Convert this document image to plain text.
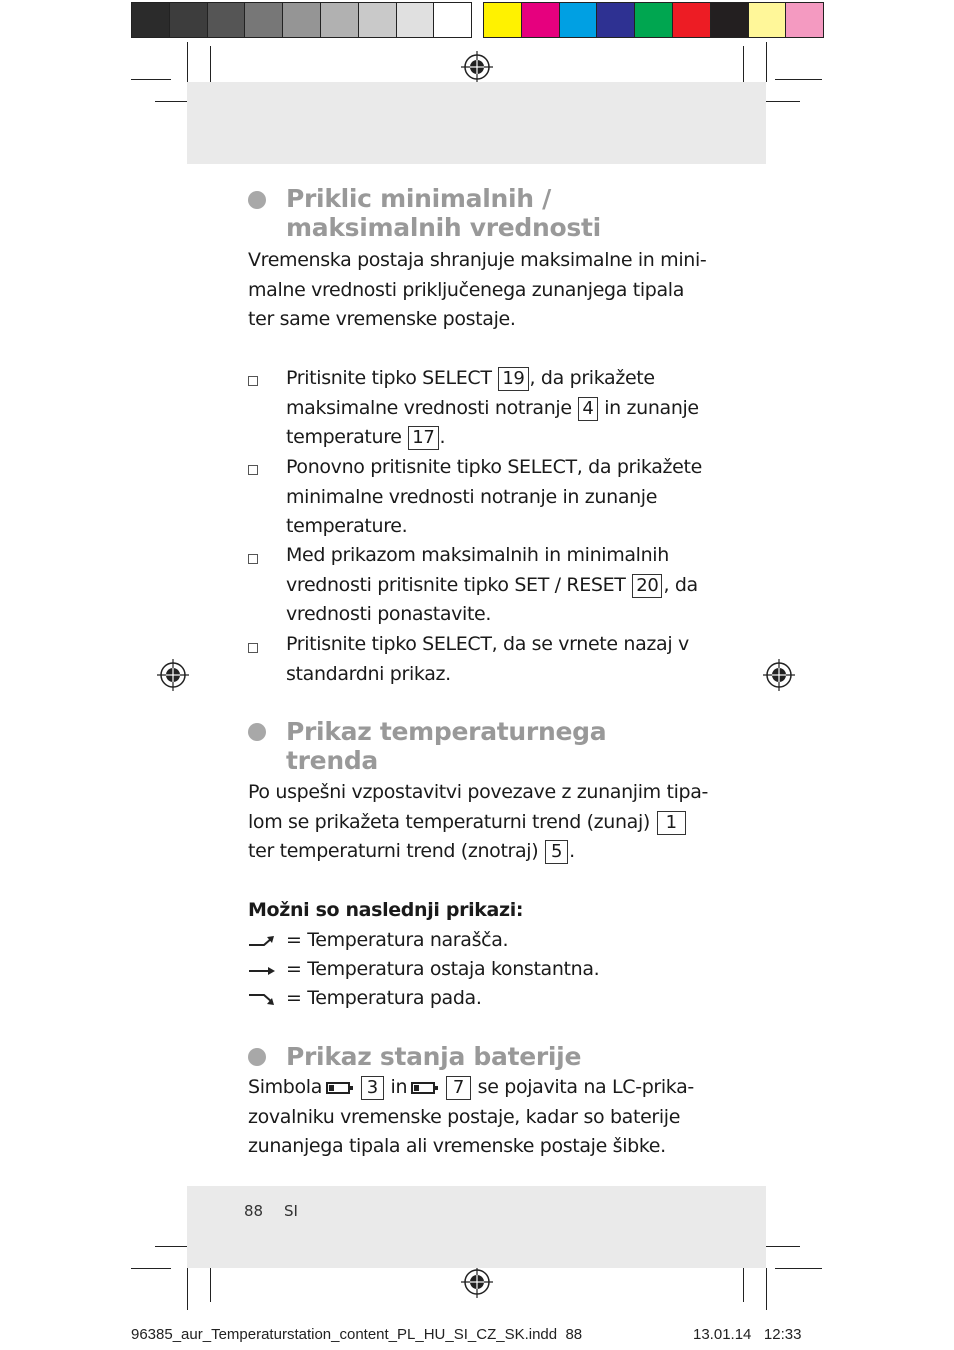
Priklic minimalnih /
maksimalnih vrednosti
Vremenska postaja shranjuje maksimalne in mini-
malne vrednosti priključenega zunanjega tipala
ter same vremenske postaje.
Pritisnite tipko SELECT 19 , da prikažete
maksimalne vrednosti notranje 4 in zunanje
temperature 17 .
Ponovno pritisnite tipko SELECT, da prikažete
minimalne vrednosti notranje in zunanje
temperature.
Med prikazom maksimalnih in minimalnih
vrednosti pritisnite tipko SET / RESET 20 , da
vrednosti ponastavite.
Pritisnite tipko SELECT, da se vrnete nazaj v
standardni prikaz.
Prikaz temperaturnega
trenda
Po uspešni vzpostavitvi povezave z zunanjim tipa-
lom se prikažeta temperaturni trend (zunaj) 1
ter temperaturni trend (znotraj) 5 .
Možni so naslednji prikazi:
= Temperatura narašča.
= Temperatura ostaja konstantna.
= Temperatura pada.
Prikaz stanja baterije
Simbola 3 in	7 se pojavita na LC-prika-
zovalniku vremenske postaje, kadar so baterije
zunanjega tipala ali vremenske postaje šibke.
88 SI
96385_aur_Temperaturstation_content_PL_HU_SI_CZ_SK.indd 88	13.01.14 12:33
